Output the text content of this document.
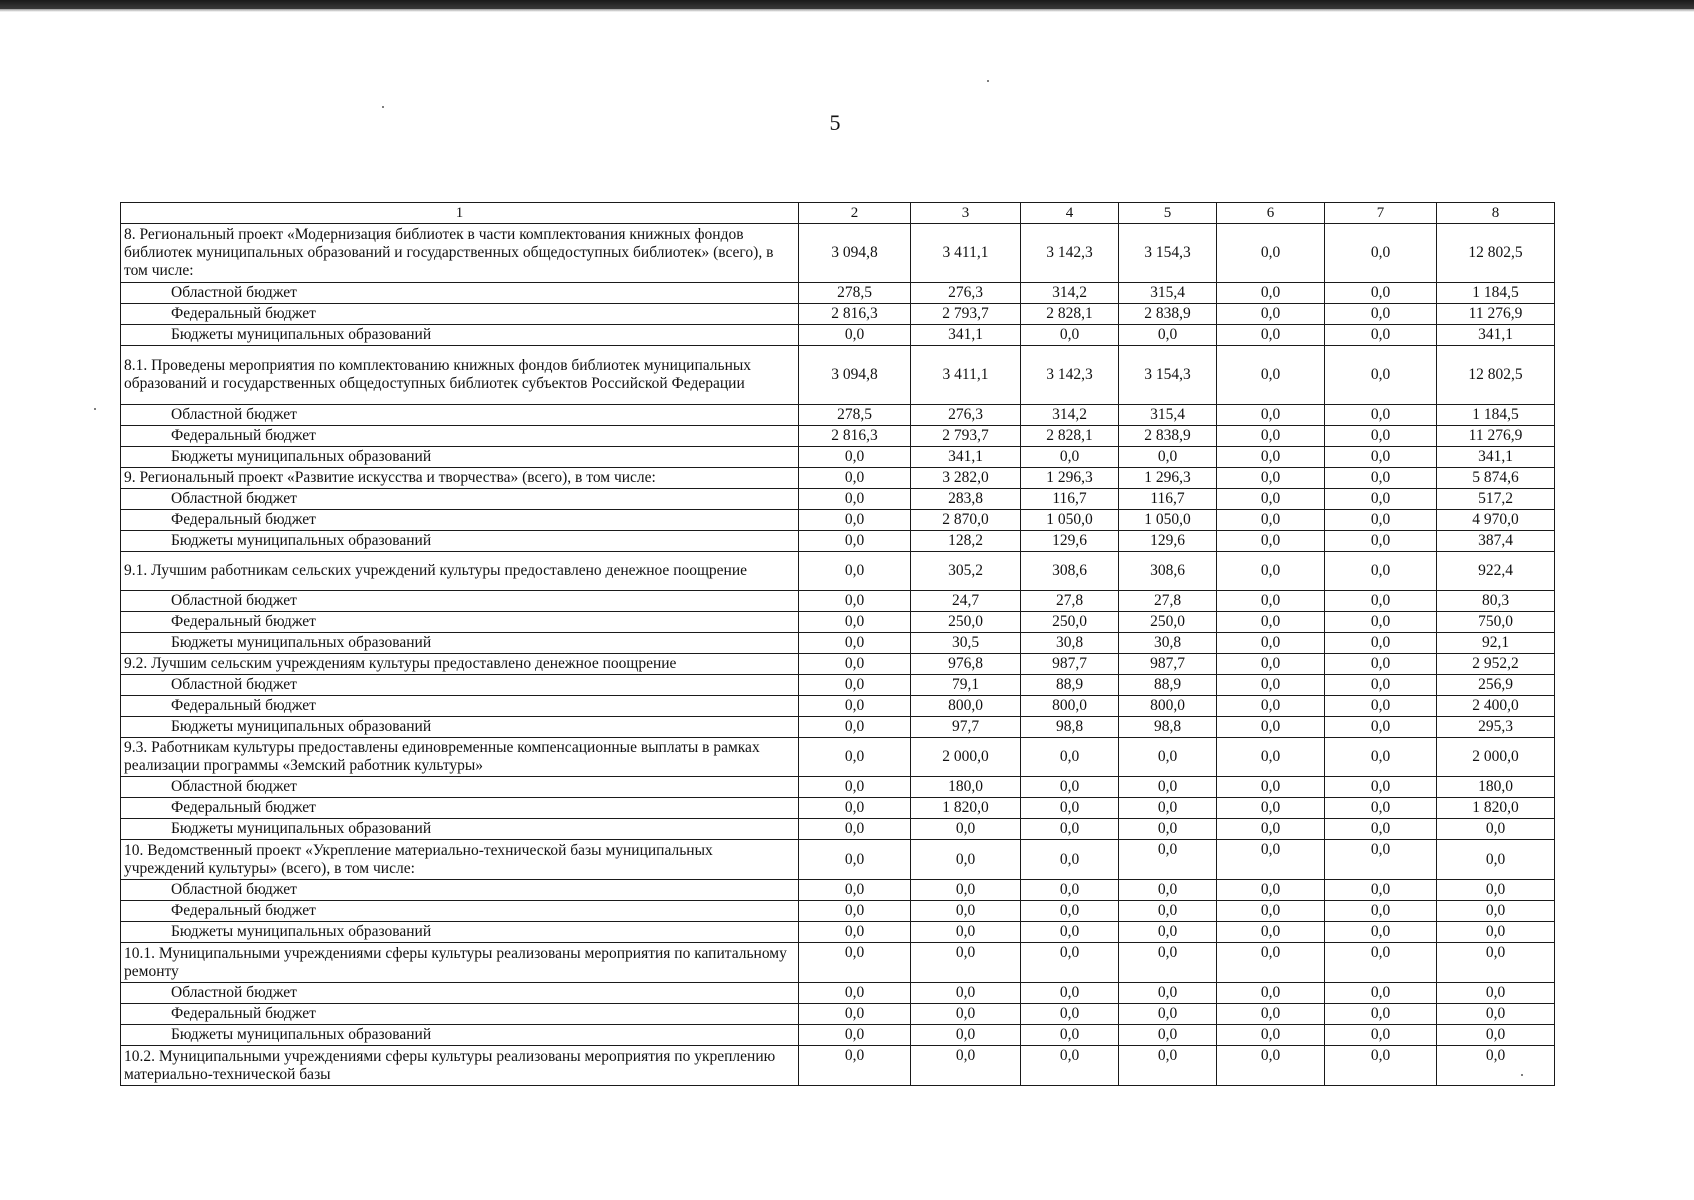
5
1	2	3	4	5	6	7	8
8. Региональный проект «Модернизация библиотек в части комплектования книжных фондов библиотек муниципальных образований и государственных общедоступных библиотек» (всего), в том числе:	3 094,8	3 411,1	3 142,3	3 154,3	0,0	0,0	12 802,5
Областной бюджет	278,5	276,3	314,2	315,4	0,0	0,0	1 184,5
Федеральный бюджет	2 816,3	2 793,7	2 828,1	2 838,9	0,0	0,0	11 276,9
Бюджеты муниципальных образований	0,0	341,1	0,0	0,0	0,0	0,0	341,1
8.1. Проведены мероприятия по комплектованию книжных фондов библиотек муниципальных образований и государственных общедоступных библиотек субъектов Российской Федерации	3 094,8	3 411,1	3 142,3	3 154,3	0,0	0,0	12 802,5
Областной бюджет	278,5	276,3	314,2	315,4	0,0	0,0	1 184,5
Федеральный бюджет	2 816,3	2 793,7	2 828,1	2 838,9	0,0	0,0	11 276,9
Бюджеты муниципальных образований	0,0	341,1	0,0	0,0	0,0	0,0	341,1
9. Региональный проект «Развитие искусства и творчества» (всего), в том числе:	0,0	3 282,0	1 296,3	1 296,3	0,0	0,0	5 874,6
Областной бюджет	0,0	283,8	116,7	116,7	0,0	0,0	517,2
Федеральный бюджет	0,0	2 870,0	1 050,0	1 050,0	0,0	0,0	4 970,0
Бюджеты муниципальных образований	0,0	128,2	129,6	129,6	0,0	0,0	387,4
9.1. Лучшим работникам сельских учреждений культуры предоставлено денежное поощрение	0,0	305,2	308,6	308,6	0,0	0,0	922,4
Областной бюджет	0,0	24,7	27,8	27,8	0,0	0,0	80,3
Федеральный бюджет	0,0	250,0	250,0	250,0	0,0	0,0	750,0
Бюджеты муниципальных образований	0,0	30,5	30,8	30,8	0,0	0,0	92,1
9.2. Лучшим сельским учреждениям культуры предоставлено денежное поощрение	0,0	976,8	987,7	987,7	0,0	0,0	2 952,2
Областной бюджет	0,0	79,1	88,9	88,9	0,0	0,0	256,9
Федеральный бюджет	0,0	800,0	800,0	800,0	0,0	0,0	2 400,0
Бюджеты муниципальных образований	0,0	97,7	98,8	98,8	0,0	0,0	295,3
9.3. Работникам культуры предоставлены единовременные компенсационные выплаты в рамках реализации программы «Земский работник культуры»	0,0	2 000,0	0,0	0,0	0,0	0,0	2 000,0
Областной бюджет	0,0	180,0	0,0	0,0	0,0	0,0	180,0
Федеральный бюджет	0,0	1 820,0	0,0	0,0	0,0	0,0	1 820,0
Бюджеты муниципальных образований	0,0	0,0	0,0	0,0	0,0	0,0	0,0
10. Ведомственный проект «Укрепление материально-технической базы муниципальных учреждений культуры» (всего), в том числе:	0,0	0,0	0,0	0,0	0,0	0,0	0,0
Областной бюджет	0,0	0,0	0,0	0,0	0,0	0,0	0,0
Федеральный бюджет	0,0	0,0	0,0	0,0	0,0	0,0	0,0
Бюджеты муниципальных образований	0,0	0,0	0,0	0,0	0,0	0,0	0,0
10.1. Муниципальными учреждениями сферы культуры реализованы мероприятия по капитальному ремонту	0,0	0,0	0,0	0,0	0,0	0,0	0,0
Областной бюджет	0,0	0,0	0,0	0,0	0,0	0,0	0,0
Федеральный бюджет	0,0	0,0	0,0	0,0	0,0	0,0	0,0
Бюджеты муниципальных образований	0,0	0,0	0,0	0,0	0,0	0,0	0,0
10.2. Муниципальными учреждениями сферы культуры реализованы мероприятия по укреплению материально-технической базы	0,0	0,0	0,0	0,0	0,0	0,0	0,0
